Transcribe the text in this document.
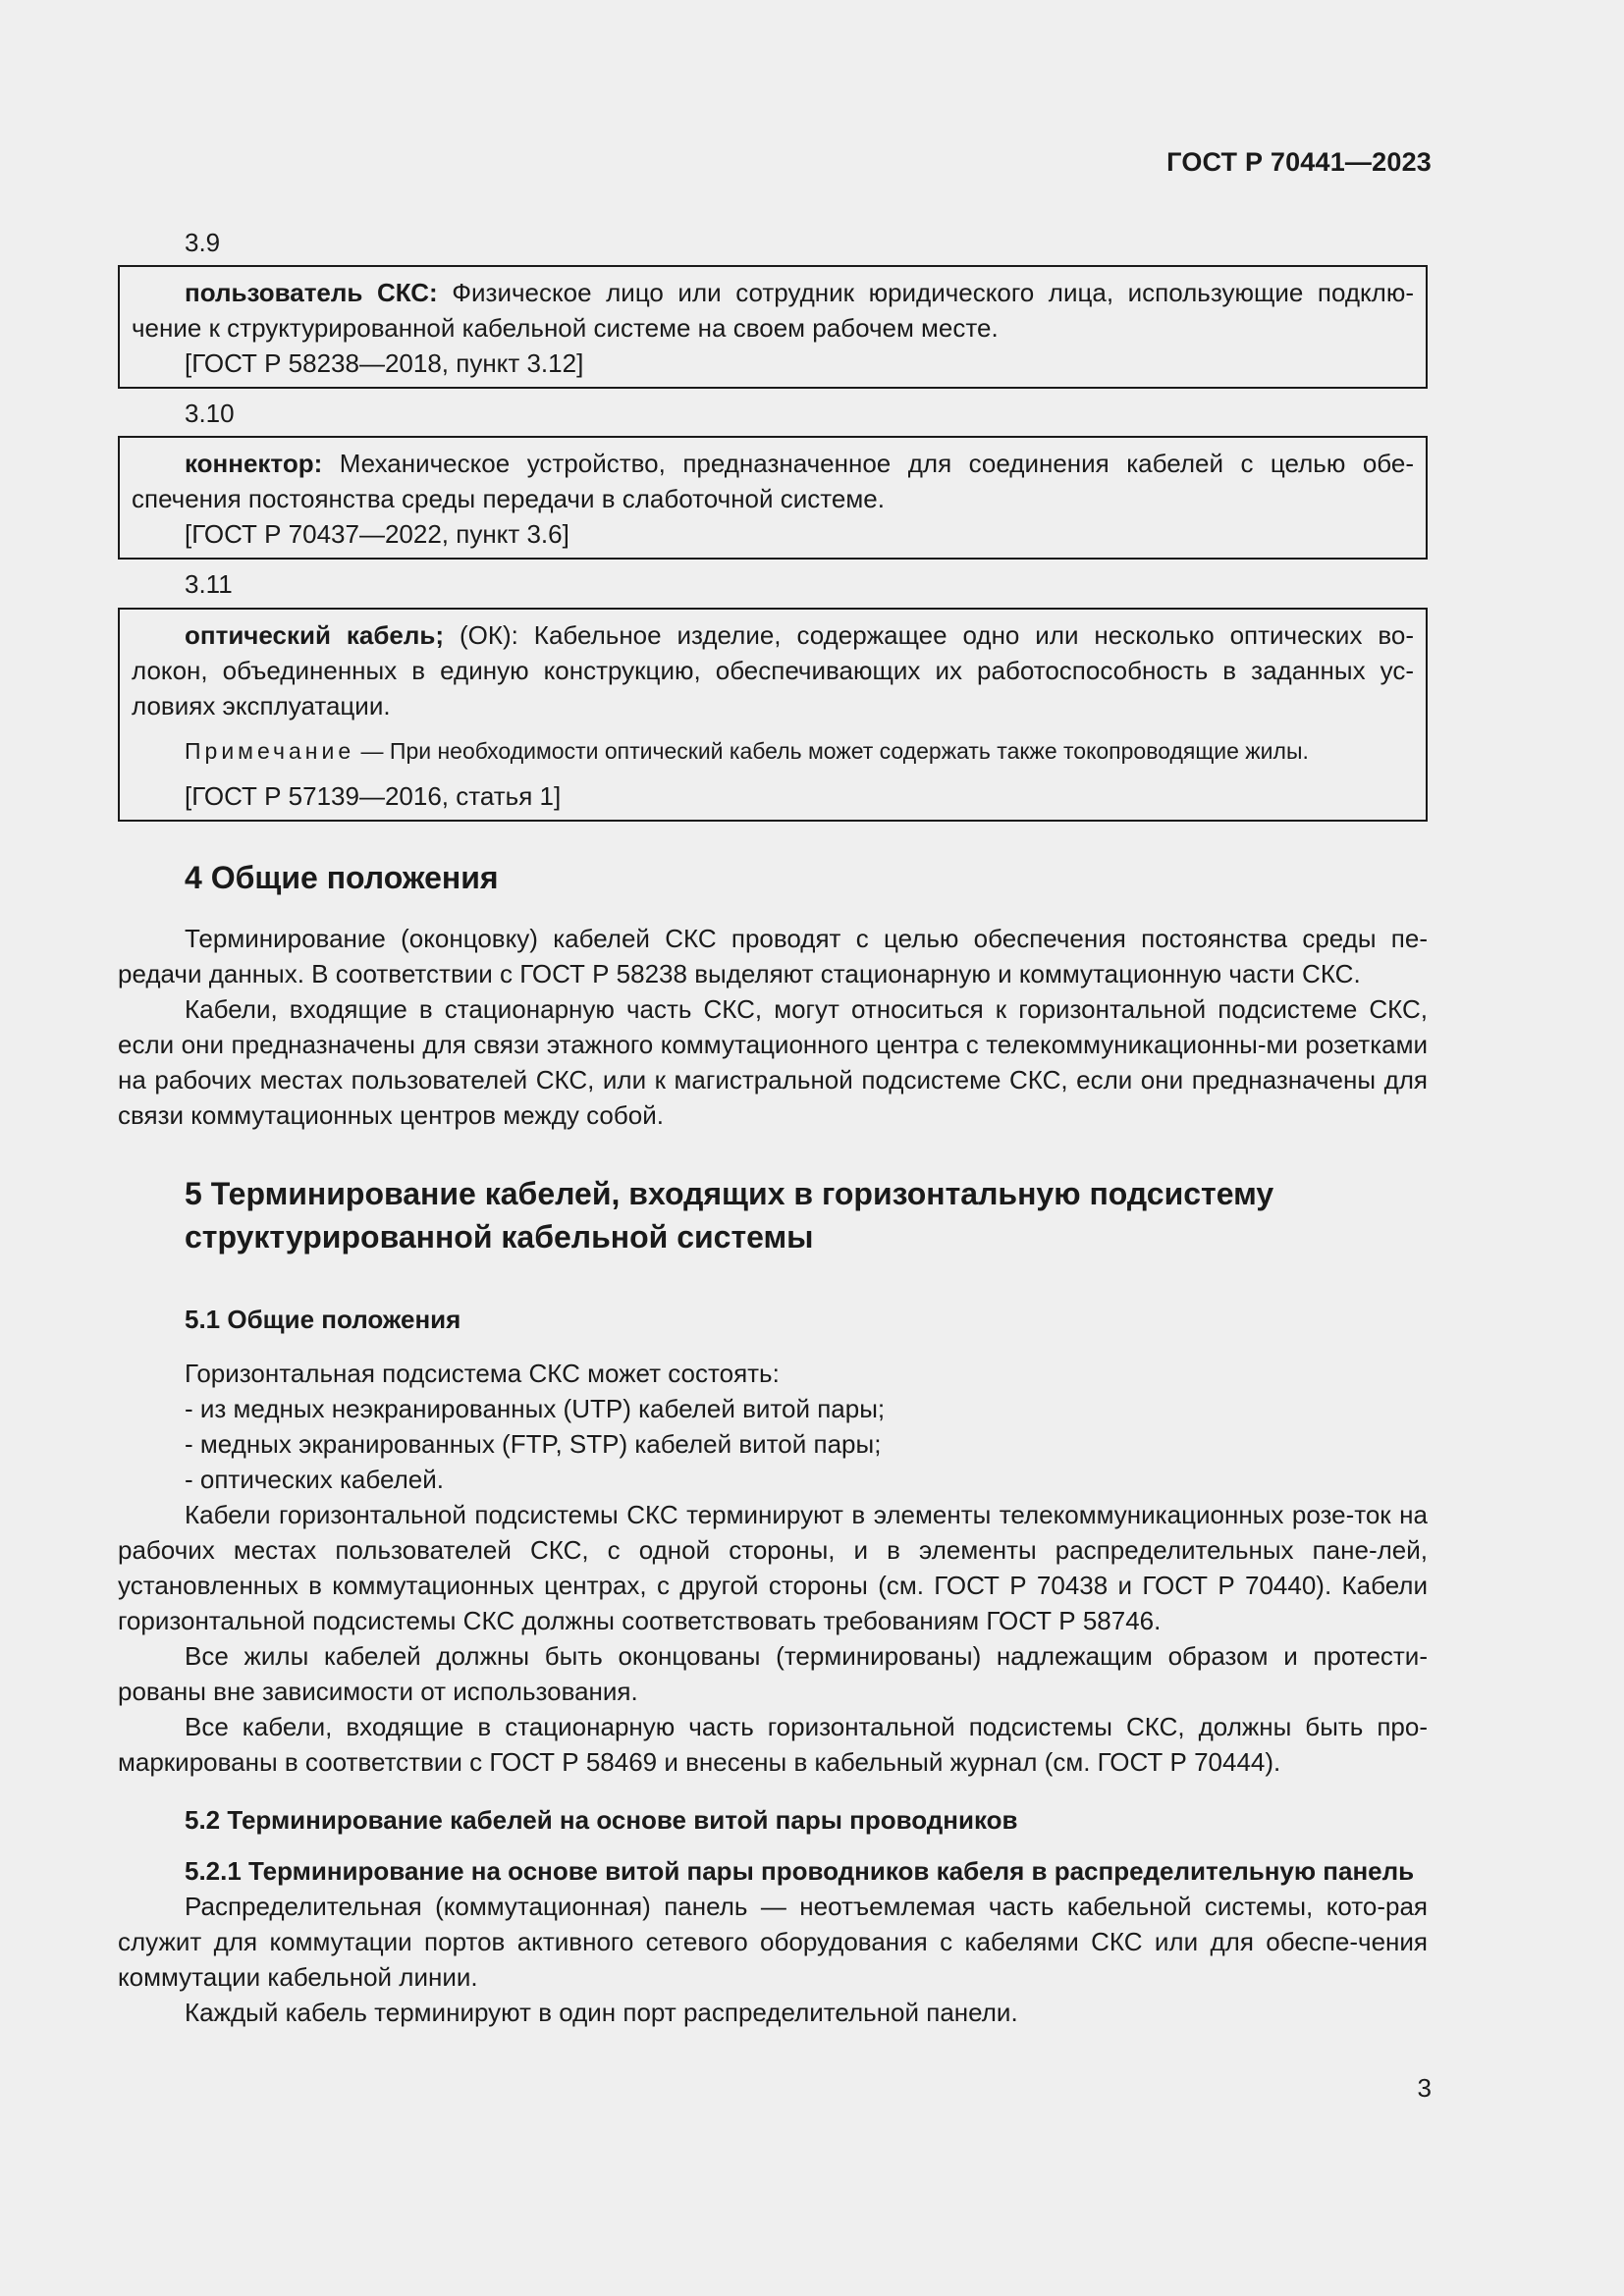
ГОСТ Р 70441—2023
3.9

пользователь СКС: Физическое лицо или сотрудник юридического лица, использующие подклю-

чение к структурированной кабельной системе на своем рабочем месте.

[ГОСТ Р 58238—2018, пункт 3.12]

3.10

коннектор: Механическое устройство, предназначенное для соединения кабелей с целью обе-

спечения постоянства среды передачи в слаботочной системе.

[ГОСТ Р 70437—2022, пункт 3.6]

3.11

оптический кабель; (ОК): Кабельное изделие, содержащее одно или несколько оптических во-

локон, объединенных в единую конструкцию, обеспечивающих их работоспособность в заданных ус-

ловиях эксплуатации.

Примечание — При необходимости оптический кабель может содержать также токопроводящие жилы.

[ГОСТ Р 57139—2016, статья 1]

4 Общие положения

Терминирование (оконцовку) кабелей СКС проводят с целью обеспечения постоянства среды пе-редачи данных. В соответствии с ГОСТ Р 58238 выделяют стационарную и коммутационную части СКС.

Кабели, входящие в стационарную часть СКС, могут относиться к горизонтальной подсистеме СКС, если они предназначены для связи этажного коммутационного центра с телекоммуникационны-ми розетками на рабочих местах пользователей СКС, или к магистральной подсистеме СКС, если они предназначены для связи коммутационных центров между собой.

5 Терминирование кабелей, входящих в горизонтальную подсистему
структурированной кабельной системы
5.1 Общие положения

Горизонтальная подсистема СКС может состоять:

- из медных неэкранированных (UTP) кабелей витой пары;

- медных экранированных (FTP, STP) кабелей витой пары;

- оптических кабелей.

Кабели горизонтальной подсистемы СКС терминируют в элементы телекоммуникационных розе-ток на рабочих местах пользователей СКС, с одной стороны, и в элементы распределительных пане-лей, установленных в коммутационных центрах, с другой стороны (см. ГОСТ Р 70438 и ГОСТ Р 70440). Кабели горизонтальной подсистемы СКС должны соответствовать требованиям ГОСТ Р 58746.

Все жилы кабелей должны быть оконцованы (терминированы) надлежащим образом и протести-рованы вне зависимости от использования.

Все кабели, входящие в стационарную часть горизонтальной подсистемы СКС, должны быть про-маркированы в соответствии с ГОСТ Р 58469 и внесены в кабельный журнал (см. ГОСТ Р 70444).

5.2 Терминирование кабелей на основе витой пары проводников

5.2.1 Терминирование на основе витой пары проводников кабеля в распределительную панель

Распределительная (коммутационная) панель — неотъемлемая часть кабельной системы, кото-рая служит для коммутации портов активного сетевого оборудования с кабелями СКС или для обеспе-чения коммутации кабельной линии.

Каждый кабель терминируют в один порт распределительной панели.

3
